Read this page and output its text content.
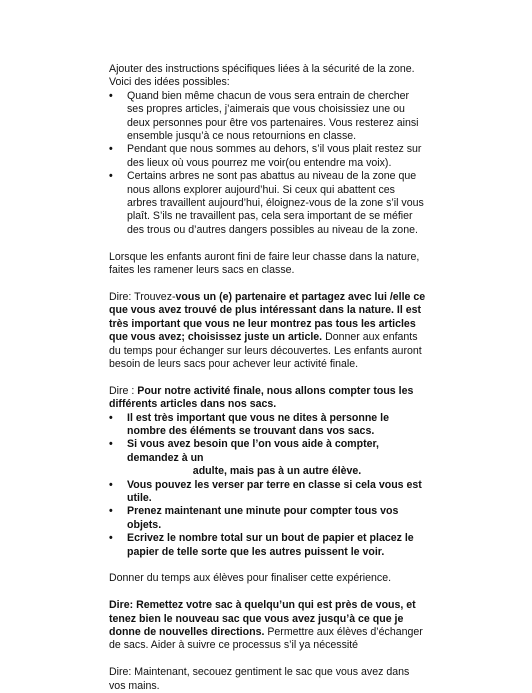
Ajouter des instructions spécifiques liées à la sécurité de la zone. Voici des idées possibles:

•	Quand bien même chacun de vous sera entrain de chercher ses propres articles, j’aimerais que vous choisissiez une ou deux personnes pour être vos partenaires. Vous resterez ainsi ensemble jusqu’à ce nous retournions en classe.
•	Pendant que nous sommes au dehors, s’il vous plait restez sur des lieux où vous pourrez me voir(ou entendre ma voix).
•	Certains arbres ne sont pas abattus au niveau de la zone que nous allons explorer aujourd’hui. Si ceux qui abattent ces arbres travaillent aujourd’hui, éloignez-vous de la zone s’il vous plaît. S’ils ne travaillent pas, cela sera important de se méfier des trous ou d’autres dangers possibles au niveau de la zone.

Lorsque les enfants auront fini de faire leur chasse dans la nature, faites les ramener leurs sacs en classe.

Dire: Trouvez-vous un (e) partenaire et partagez avec lui /elle ce que vous avez trouvé de plus intéressant dans la nature. Il est très important que vous ne leur montrez pas tous les articles que vous avez; choisissez juste un article. Donner aux enfants du temps pour échanger sur leurs découvertes. Les enfants auront besoin de leurs sacs pour achever leur activité finale.

Dire : Pour notre activité finale, nous allons compter tous les différents articles dans nos sacs.

•	Il est très important que vous ne dites à personne le nombre des éléments se trouvant dans vos sacs.
•	Si vous avez besoin que l’on vous aide à compter, demandez à un
adulte, mais pas à un autre élève.
•	Vous pouvez les verser par terre en classe si cela vous est utile.
•	Prenez maintenant une minute pour compter tous vos objets.
•	Ecrivez le nombre total sur un bout de papier et placez le papier de telle sorte que les autres puissent le voir.

Donner du temps aux élèves pour finaliser cette expérience.

Dire: Remettez votre sac à quelqu’un qui est près de vous, et tenez bien le nouveau sac que vous avez jusqu’à ce que je donne de nouvelles directions. Permettre aux élèves d’échanger de sacs. Aider à suivre ce processus s’il ya nécessité

Dire: Maintenant, secouez gentiment le sac que vous avez dans vos mains.
